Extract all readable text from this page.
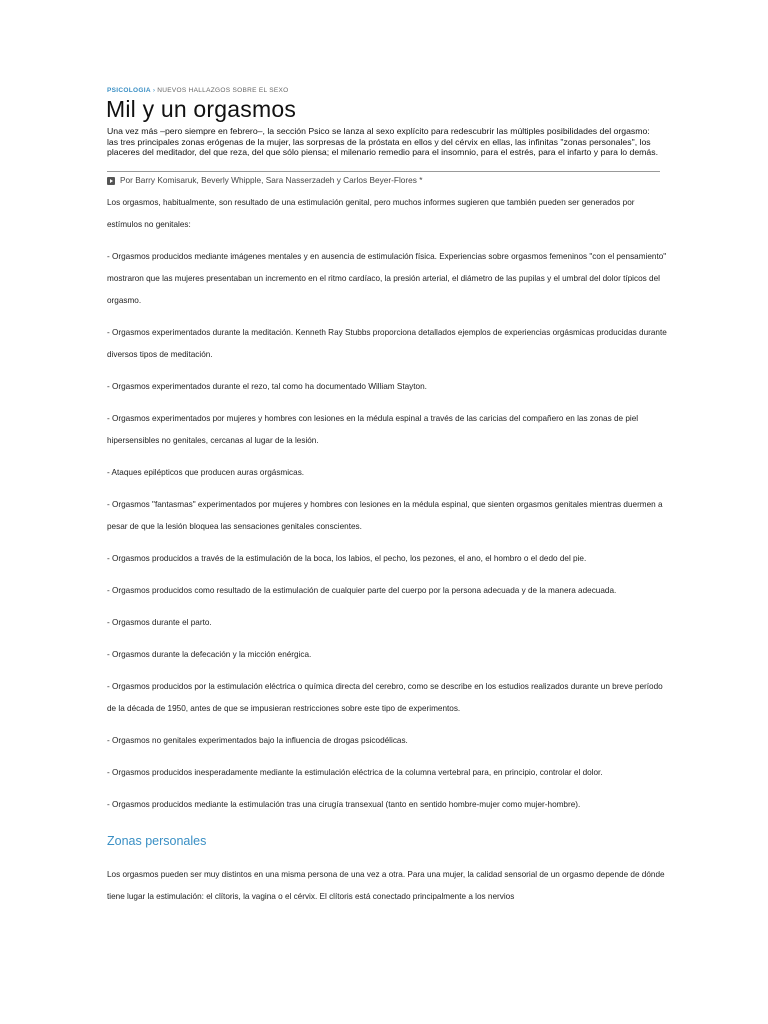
PSICOLOGIA › NUEVOS HALLAZGOS SOBRE EL SEXO
Mil y un orgasmos

Una vez más –pero siempre en febrero–, la sección Psico se lanza al sexo explícito para redescubrir las múltiples posibilidades del orgasmo: las tres principales zonas erógenas de la mujer, las sorpresas de la próstata en ellos y del cérvix en ellas, las infinitas "zonas personales", los placeres del meditador, del que reza, del que sólo piensa; el milenario remedio para el insomnio, para el estrés, para el infarto y para lo demás.

Por Barry Komisaruk, Beverly Whipple, Sara Nasserzadeh y Carlos Beyer-Flores *

Los orgasmos, habitualmente, son resultado de una estimulación genital, pero muchos informes sugieren que también pueden ser generados por estímulos no genitales:

- Orgasmos producidos mediante imágenes mentales y en ausencia de estimulación física. Experiencias sobre orgasmos femeninos "con el pensamiento" mostraron que las mujeres presentaban un incremento en el ritmo cardíaco, la presión arterial, el diámetro de las pupilas y el umbral del dolor típicos del orgasmo.

- Orgasmos experimentados durante la meditación. Kenneth Ray Stubbs proporciona detallados ejemplos de experiencias orgásmicas producidas durante diversos tipos de meditación.

- Orgasmos experimentados durante el rezo, tal como ha documentado William Stayton.

- Orgasmos experimentados por mujeres y hombres con lesiones en la médula espinal a través de las caricias del compañero en las zonas de piel hipersensibles no genitales, cercanas al lugar de la lesión.

- Ataques epilépticos que producen auras orgásmicas.

- Orgasmos "fantasmas" experimentados por mujeres y hombres con lesiones en la médula espinal, que sienten orgasmos genitales mientras duermen a pesar de que la lesión bloquea las sensaciones genitales conscientes.

- Orgasmos producidos a través de la estimulación de la boca, los labios, el pecho, los pezones, el ano, el hombro o el dedo del pie.

- Orgasmos producidos como resultado de la estimulación de cualquier parte del cuerpo por la persona adecuada y de la manera adecuada.

- Orgasmos durante el parto.

- Orgasmos durante la defecación y la micción enérgica.

- Orgasmos producidos por la estimulación eléctrica o química directa del cerebro, como se describe en los estudios realizados durante un breve período de la década de 1950, antes de que se impusieran restricciones sobre este tipo de experimentos.

- Orgasmos no genitales experimentados bajo la influencia de drogas psicodélicas.

- Orgasmos producidos inesperadamente mediante la estimulación eléctrica de la columna vertebral para, en principio, controlar el dolor.

- Orgasmos producidos mediante la estimulación tras una cirugía transexual (tanto en sentido hombre-mujer como mujer-hombre).

Zonas personales

Los orgasmos pueden ser muy distintos en una misma persona de una vez a otra. Para una mujer, la calidad sensorial de un orgasmo depende de dónde tiene lugar la estimulación: el clítoris, la vagina o el cérvix. El clítoris está conectado principalmente a los nervios
